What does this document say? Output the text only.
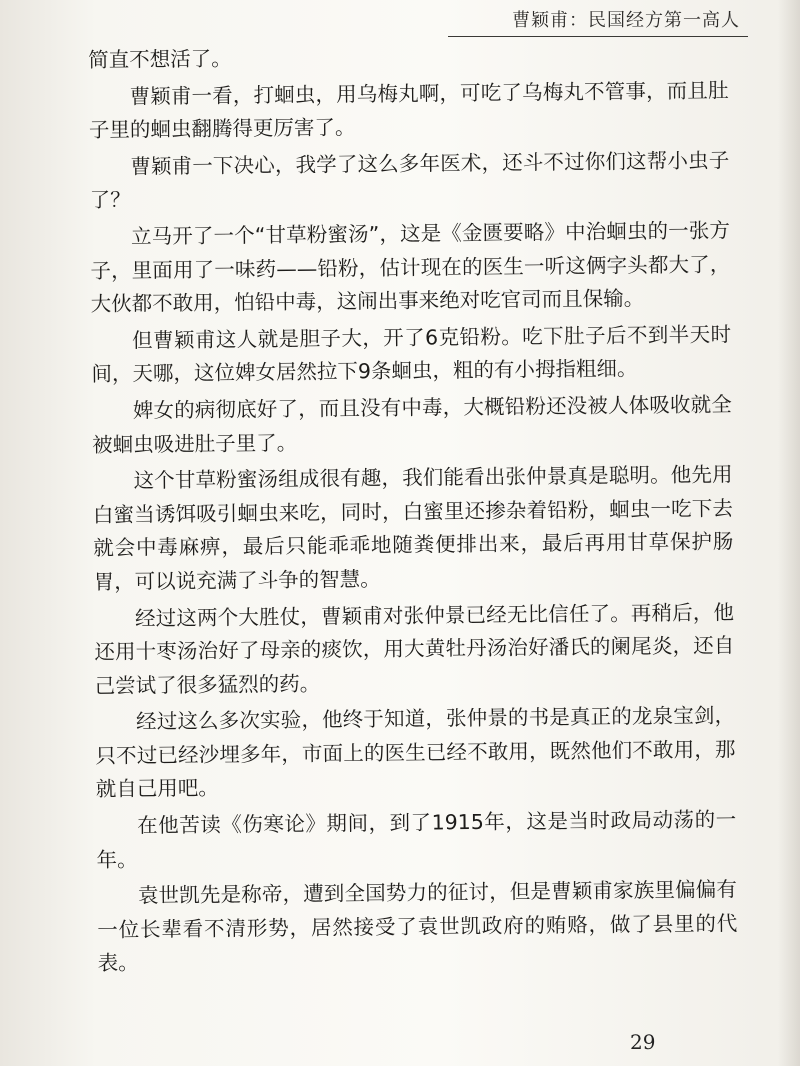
曹颖甫：民国经方第一高人

简直不想活了。

曹颖甫一看，打蛔虫，用乌梅丸啊，可吃了乌梅丸不管事，而且肚子里的蛔虫翻腾得更厉害了。

曹颖甫一下决心，我学了这么多年医术，还斗不过你们这帮小虫子了？

立马开了一个“甘草粉蜜汤”，这是《金匮要略》中治蛔虫的一张方子，里面用了一味药——铅粉，估计现在的医生一听这俩字头都大了，大伙都不敢用，怕铅中毒，这闹出事来绝对吃官司而且保输。

但曹颖甫这人就是胆子大，开了6克铅粉。吃下肚子后不到半天时间，天哪，这位婢女居然拉下9条蛔虫，粗的有小拇指粗细。

婢女的病彻底好了，而且没有中毒，大概铅粉还没被人体吸收就全被蛔虫吸进肚子里了。

这个甘草粉蜜汤组成很有趣，我们能看出张仲景真是聪明。他先用白蜜当诱饵吸引蛔虫来吃，同时，白蜜里还掺杂着铅粉，蛔虫一吃下去就会中毒麻痹，最后只能乖乖地随粪便排出来，最后再用甘草保护肠胃，可以说充满了斗争的智慧。

经过这两个大胜仗，曹颖甫对张仲景已经无比信任了。再稍后，他还用十枣汤治好了母亲的痰饮，用大黄牡丹汤治好潘氏的阑尾炎，还自己尝试了很多猛烈的药。

经过这么多次实验，他终于知道，张仲景的书是真正的龙泉宝剑，只不过已经沙埋多年，市面上的医生已经不敢用，既然他们不敢用，那就自己用吧。

在他苦读《伤寒论》期间，到了1915年，这是当时政局动荡的一年。

袁世凯先是称帝，遭到全国势力的征讨，但是曹颖甫家族里偏偏有一位长辈看不清形势，居然接受了袁世凯政府的贿赂，做了县里的代表。

29
